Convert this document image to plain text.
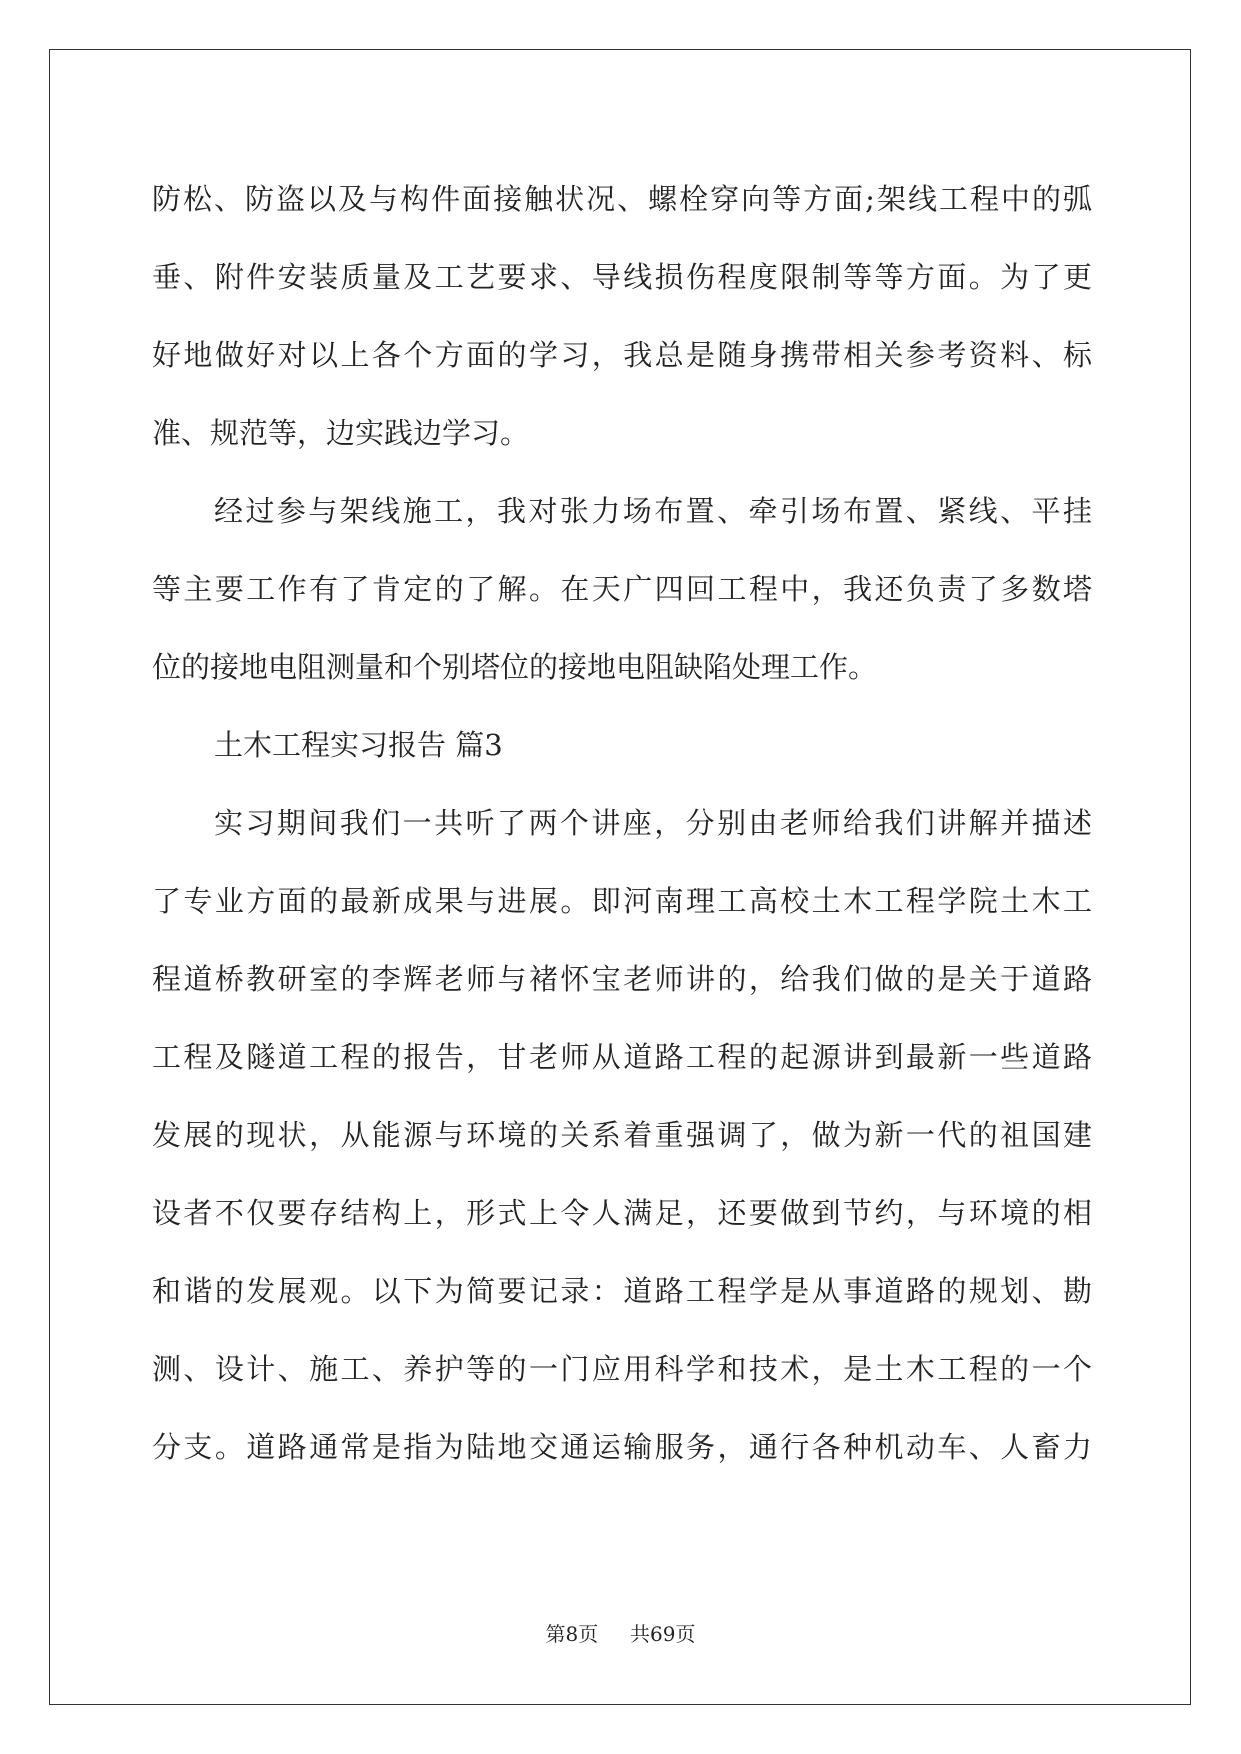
防松、防盗以及与构件面接触状况、螺栓穿向等方面;架线工程中的弧
垂、附件安装质量及工艺要求、导线损伤程度限制等等方面。为了更
好地做好对以上各个方面的学习，我总是随身携带相关参考资料、标
准、规范等，边实践边学习。
经过参与架线施工，我对张力场布置、牵引场布置、紧线、平挂
等主要工作有了肯定的了解。在天广四回工程中，我还负责了多数塔
位的接地电阻测量和个别塔位的接地电阻缺陷处理工作。
土木工程实习报告 篇3
实习期间我们一共听了两个讲座，分别由老师给我们讲解并描述
了专业方面的最新成果与进展。即河南理工高校土木工程学院土木工
程道桥教研室的李辉老师与褚怀宝老师讲的，给我们做的是关于道路
工程及隧道工程的报告，甘老师从道路工程的起源讲到最新一些道路
发展的现状，从能源与环境的关系着重强调了，做为新一代的祖国建
设者不仅要存结构上，形式上令人满足，还要做到节约，与环境的相
和谐的发展观。以下为简要记录：道路工程学是从事道路的规划、勘
测、设计、施工、养护等的一门应用科学和技术，是土木工程的一个
分支。道路通常是指为陆地交通运输服务，通行各种机动车、人畜力
第8页 共69页
